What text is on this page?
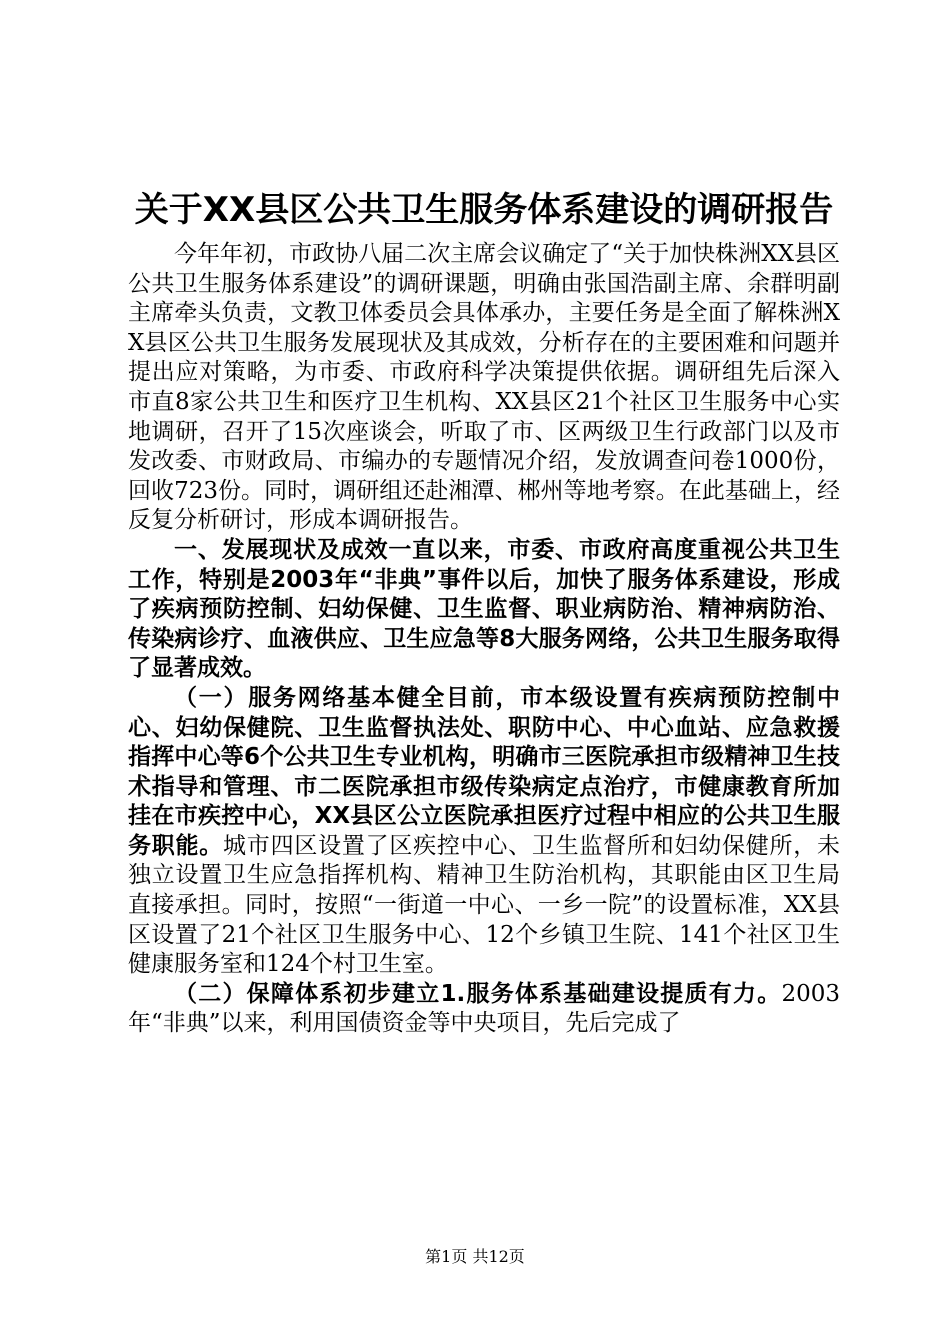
关于XX县区公共卫生服务体系建设的调研报告

今年年初，市政协八届二次主席会议确定了“关于加快株洲XX县区公共卫生服务体系建设”的调研课题，明确由张国浩副主席、余群明副主席牵头负责，文教卫体委员会具体承办，主要任务是全面了解株洲XX县区公共卫生服务发展现状及其成效，分析存在的主要困难和问题并提出应对策略，为市委、市政府科学决策提供依据。调研组先后深入市直8家公共卫生和医疗卫生机构、XX县区21个社区卫生服务中心实地调研，召开了15次座谈会，听取了市、区两级卫生行政部门以及市发改委、市财政局、市编办的专题情况介绍，发放调查问卷1000份，回收723份。同时，调研组还赴湘潭、郴州等地考察。在此基础上，经反复分析研讨，形成本调研报告。

一、发展现状及成效一直以来，市委、市政府高度重视公共卫生工作，特别是2003年“非典”事件以后，加快了服务体系建设，形成了疾病预防控制、妇幼保健、卫生监督、职业病防治、精神病防治、传染病诊疗、血液供应、卫生应急等8大服务网络，公共卫生服务取得了显著成效。

（一）服务网络基本健全目前，市本级设置有疾病预防控制中心、妇幼保健院、卫生监督执法处、职防中心、中心血站、应急救援指挥中心等6个公共卫生专业机构，明确市三医院承担市级精神卫生技术指导和管理、市二医院承担市级传染病定点治疗，市健康教育所加挂在市疾控中心，XX县区公立医院承担医疗过程中相应的公共卫生服务职能。城市四区设置了区疾控中心、卫生监督所和妇幼保健所，未独立设置卫生应急指挥机构、精神卫生防治机构，其职能由区卫生局直接承担。同时，按照“一街道一中心、一乡一院”的设置标准，XX县区设置了21个社区卫生服务中心、12个乡镇卫生院、141个社区卫生健康服务室和124个村卫生室。

（二）保障体系初步建立1.服务体系基础建设提质有力。2003年“非典”以来，利用国债资金等中央项目，先后完成了

第1页 共12页
